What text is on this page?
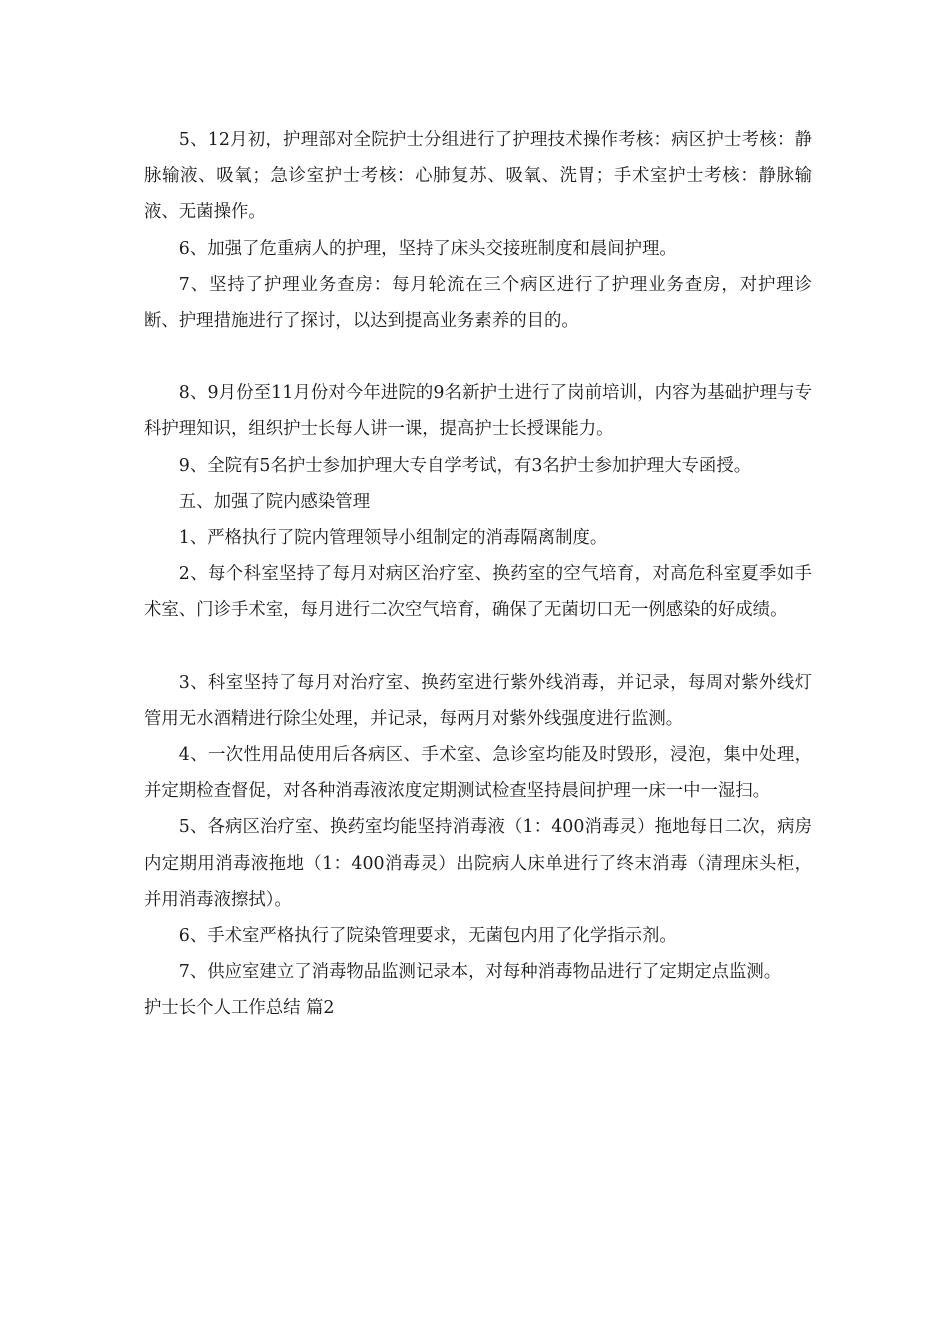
5、12月初，护理部对全院护士分组进行了护理技术操作考核：病区护士考核：静脉输液、吸氧；急诊室护士考核：心肺复苏、吸氧、洗胃；手术室护士考核：静脉输液、无菌操作。

6、加强了危重病人的护理，坚持了床头交接班制度和晨间护理。

7、坚持了护理业务查房：每月轮流在三个病区进行了护理业务查房，对护理诊断、护理措施进行了探讨，以达到提高业务素养的目的。

8、9月份至11月份对今年进院的9名新护士进行了岗前培训，内容为基础护理与专科护理知识，组织护士长每人讲一课，提高护士长授课能力。

9、全院有5名护士参加护理大专自学考试，有3名护士参加护理大专函授。

五、加强了院内感染管理

1、严格执行了院内管理领导小组制定的消毒隔离制度。

2、每个科室坚持了每月对病区治疗室、换药室的空气培育，对高危科室夏季如手术室、门诊手术室，每月进行二次空气培育，确保了无菌切口无一例感染的好成绩。

3、科室坚持了每月对治疗室、换药室进行紫外线消毒，并记录，每周对紫外线灯管用无水酒精进行除尘处理，并记录，每两月对紫外线强度进行监测。

4、一次性用品使用后各病区、手术室、急诊室均能及时毁形，浸泡，集中处理，并定期检查督促，对各种消毒液浓度定期测试检查坚持晨间护理一床一中一湿扫。

5、各病区治疗室、换药室均能坚持消毒液（1：400消毒灵）拖地每日二次，病房内定期用消毒液拖地（1：400消毒灵）出院病人床单进行了终末消毒（清理床头柜，并用消毒液擦拭）。

6、手术室严格执行了院染管理要求，无菌包内用了化学指示剂。

7、供应室建立了消毒物品监测记录本，对每种消毒物品进行了定期定点监测。

护士长个人工作总结 篇2
